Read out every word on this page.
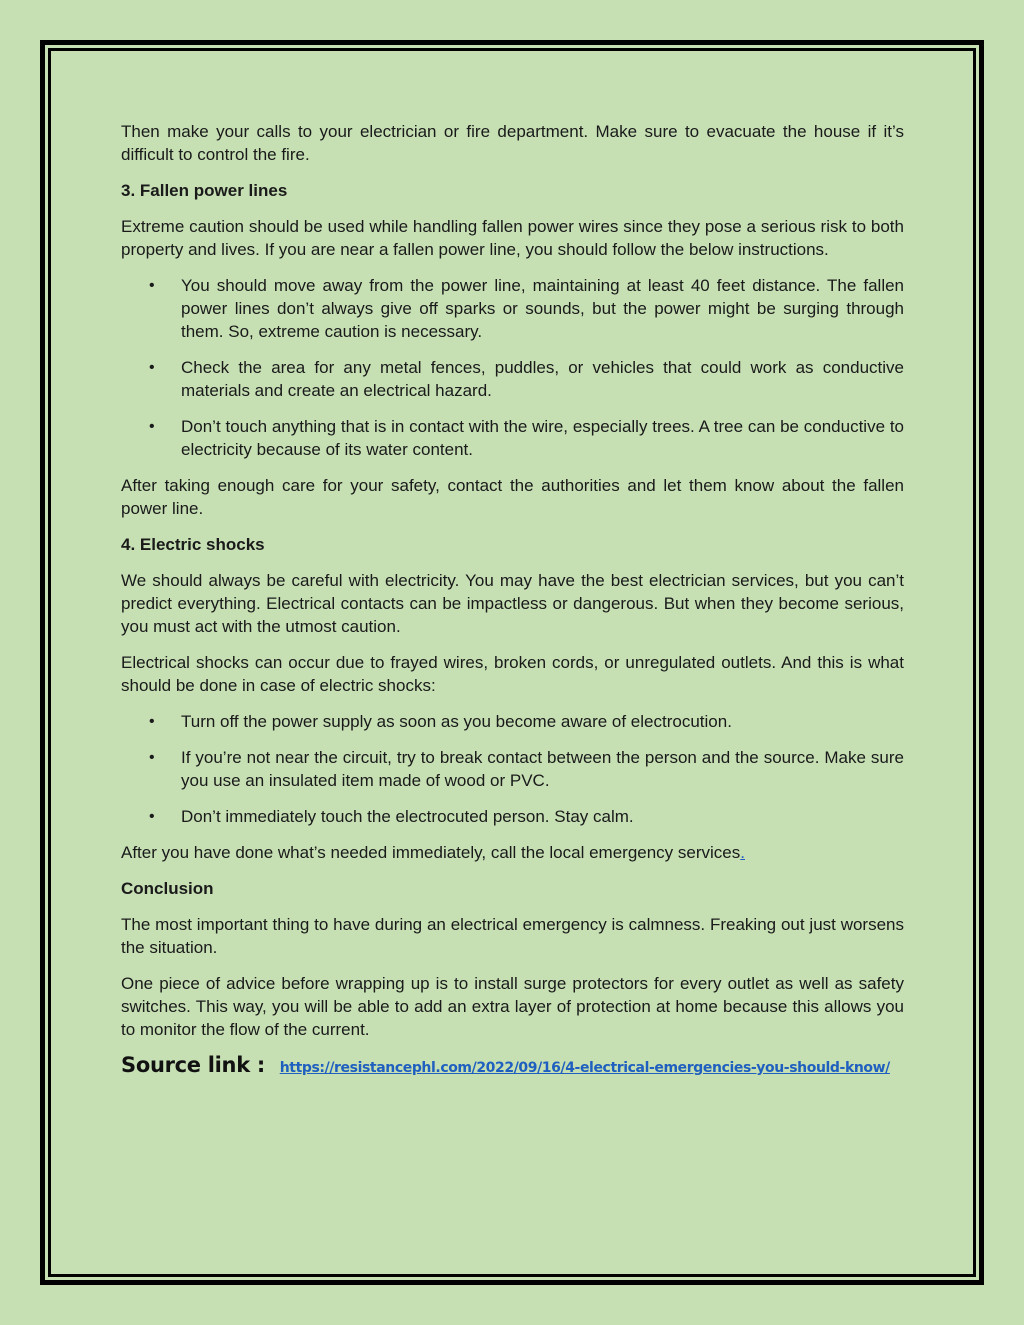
Then make your calls to your electrician or fire department. Make sure to evacuate the house if it’s difficult to control the fire.

3. Fallen power lines

Extreme caution should be used while handling fallen power wires since they pose a serious risk to both property and lives. If you are near a fallen power line, you should follow the below instructions.

• You should move away from the power line, maintaining at least 40 feet distance. The fallen power lines don’t always give off sparks or sounds, but the power might be surging through them. So, extreme caution is necessary.
• Check the area for any metal fences, puddles, or vehicles that could work as conductive materials and create an electrical hazard.
• Don’t touch anything that is in contact with the wire, especially trees. A tree can be conductive to electricity because of its water content.

After taking enough care for your safety, contact the authorities and let them know about the fallen power line.

4. Electric shocks

We should always be careful with electricity. You may have the best electrician services, but you can’t predict everything. Electrical contacts can be impactless or dangerous. But when they become serious, you must act with the utmost caution.

Electrical shocks can occur due to frayed wires, broken cords, or unregulated outlets. And this is what should be done in case of electric shocks:

• Turn off the power supply as soon as you become aware of electrocution.
• If you’re not near the circuit, try to break contact between the person and the source. Make sure you use an insulated item made of wood or PVC.
• Don’t immediately touch the electrocuted person. Stay calm.

After you have done what’s needed immediately, call the local emergency services.

Conclusion

The most important thing to have during an electrical emergency is calmness. Freaking out just worsens the situation.

One piece of advice before wrapping up is to install surge protectors for every outlet as well as safety switches. This way, you will be able to add an extra layer of protection at home because this allows you to monitor the flow of the current.

Source link : https://resistancephl.com/2022/09/16/4-electrical-emergencies-you-should-know/
